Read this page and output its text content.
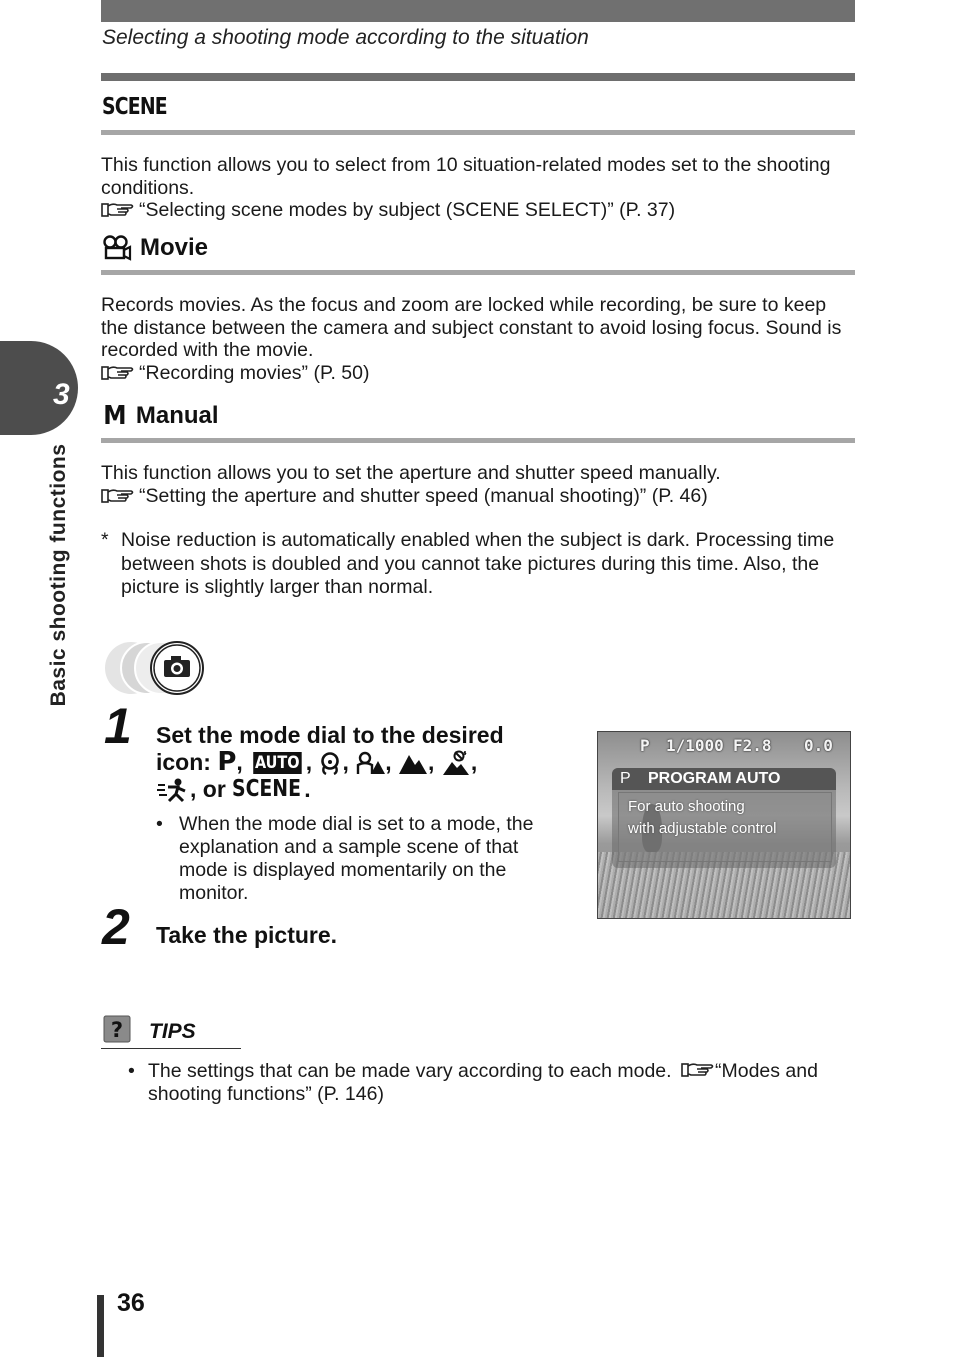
Selecting a shooting mode according to the situation
3
Basic shooting functions
SCENE
This function allows you to select from 10 situation-related modes set to the shooting conditions.
“Selecting scene modes by subject (SCENE SELECT)” (P. 37)
Movie
Records movies. As the focus and zoom are locked while recording, be sure to keep the distance between the camera and subject constant to avoid losing focus. Sound is recorded with the movie.
“Recording movies” (P. 50)
M Manual
This function allows you to set the aperture and shutter speed manually.
“Setting the aperture and shutter speed (manual shooting)” (P. 46)
* Noise reduction is automatically enabled when the subject is dark. Processing time between shots is doubled and you cannot take pictures during this time. Also, the picture is slightly larger than normal.
1 Set the mode dial to the desired
icon: P , AUTO , , , , ,
, or SCENE .
• When the mode dial is set to a mode, the explanation and a sample scene of that mode is displayed momentarily on the monitor.
2 Take the picture.
P 1/1000 F2.8 0.0
P PROGRAM AUTO
For auto shooting
with adjustable control
? TIPS
• The settings that can be made vary according to each mode. “Modes and shooting functions” (P. 146)
36
